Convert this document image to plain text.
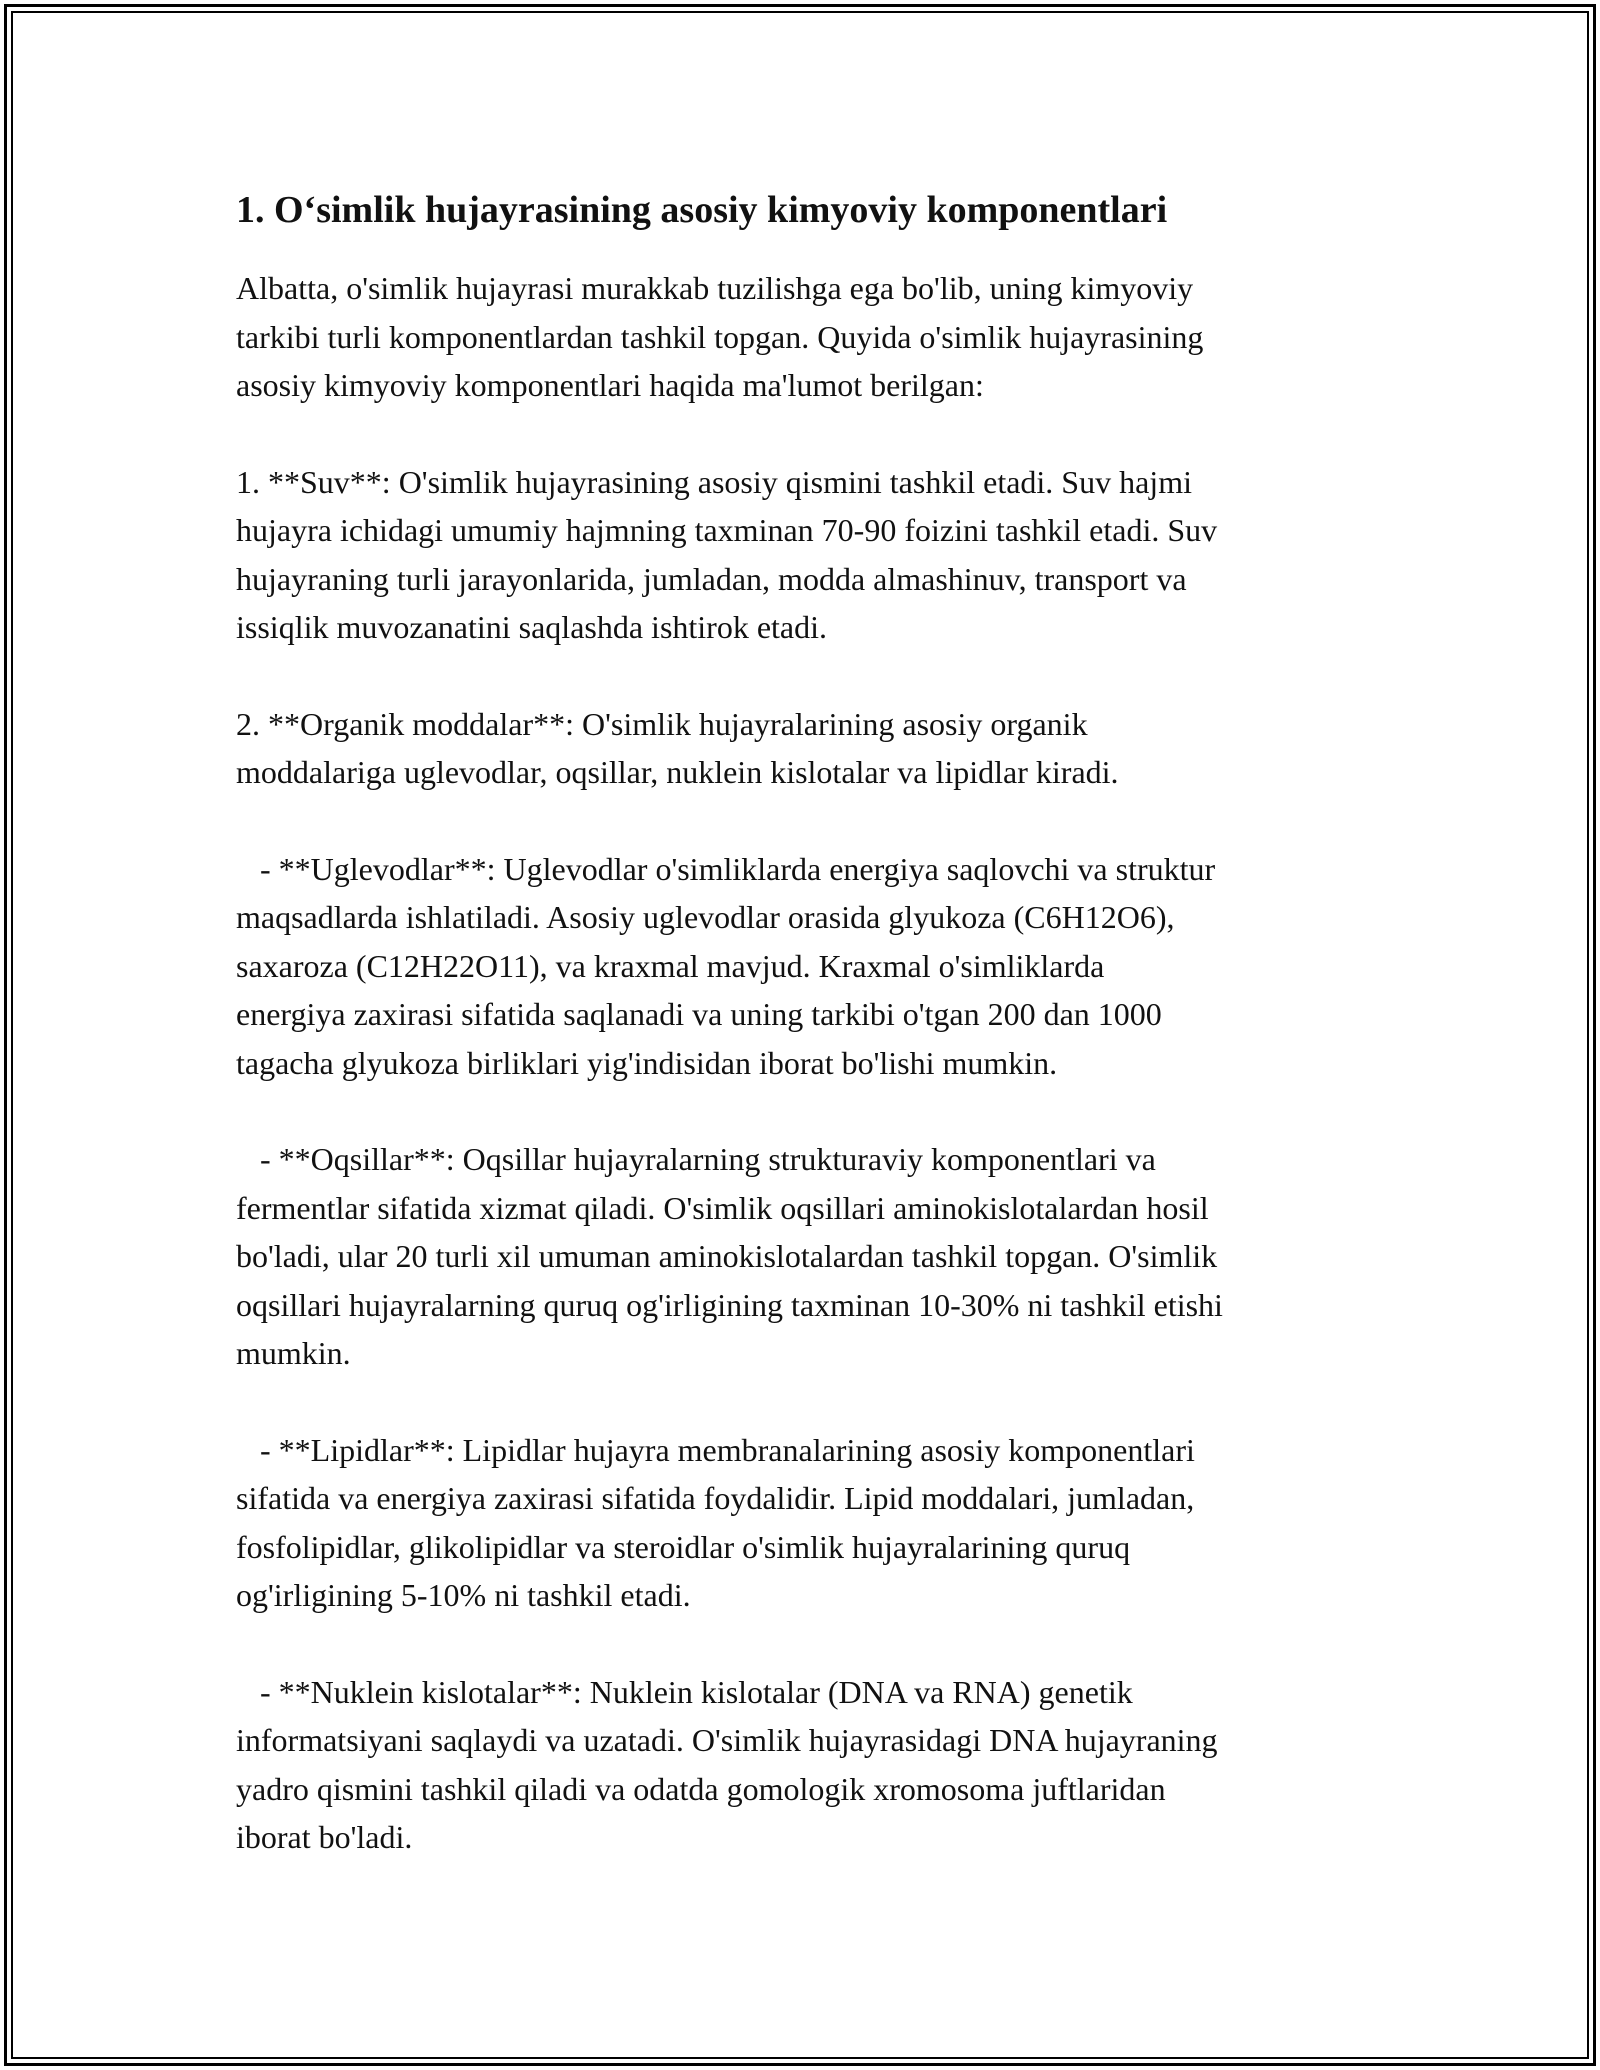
1. O‘simlik hujayrasining asosiy kimyoviy komponentlari

Albatta, o'simlik hujayrasi murakkab tuzilishga ega bo'lib, uning kimyoviy
tarkibi turli komponentlardan tashkil topgan. Quyida o'simlik hujayrasining
asosiy kimyoviy komponentlari haqida ma'lumot berilgan:

1. **Suv**: O'simlik hujayrasining asosiy qismini tashkil etadi. Suv hajmi
hujayra ichidagi umumiy hajmning taxminan 70-90 foizini tashkil etadi. Suv
hujayraning turli jarayonlarida, jumladan, modda almashinuv, transport va
issiqlik muvozanatini saqlashda ishtirok etadi.

2. **Organik moddalar**: O'simlik hujayralarining asosiy organik
moddalariga uglevodlar, oqsillar, nuklein kislotalar va lipidlar kiradi.

- **Uglevodlar**: Uglevodlar o'simliklarda energiya saqlovchi va struktur
maqsadlarda ishlatiladi. Asosiy uglevodlar orasida glyukoza (C6H12O6),
saxaroza (C12H22O11), va kraxmal mavjud. Kraxmal o'simliklarda
energiya zaxirasi sifatida saqlanadi va uning tarkibi o'tgan 200 dan 1000
tagacha glyukoza birliklari yig'indisidan iborat bo'lishi mumkin.

- **Oqsillar**: Oqsillar hujayralarning strukturaviy komponentlari va
fermentlar sifatida xizmat qiladi. O'simlik oqsillari aminokislotalardan hosil
bo'ladi, ular 20 turli xil umuman aminokislotalardan tashkil topgan. O'simlik
oqsillari hujayralarning quruq og'irligining taxminan 10-30% ni tashkil etishi
mumkin.

- **Lipidlar**: Lipidlar hujayra membranalarining asosiy komponentlari
sifatida va energiya zaxirasi sifatida foydalidir. Lipid moddalari, jumladan,
fosfolipidlar, glikolipidlar va steroidlar o'simlik hujayralarining quruq
og'irligining 5-10% ni tashkil etadi.

- **Nuklein kislotalar**: Nuklein kislotalar (DNA va RNA) genetik
informatsiyani saqlaydi va uzatadi. O'simlik hujayrasidagi DNA hujayraning
yadro qismini tashkil qiladi va odatda gomologik xromosoma juftlaridan
iborat bo'ladi.
